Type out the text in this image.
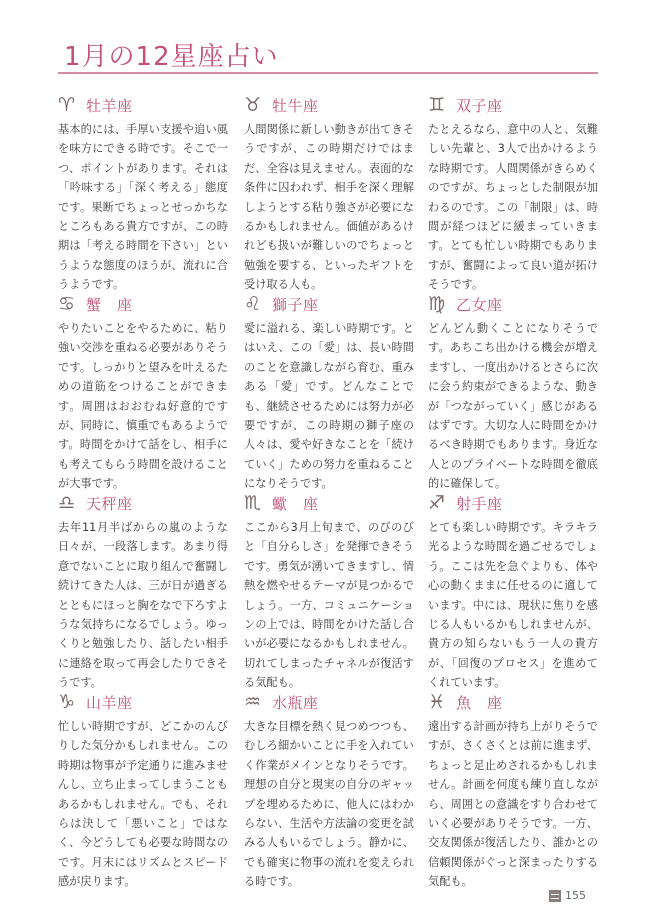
1月の12星座占い
♈ 牡羊座

基本的には、手厚い支援や追い風を味方にできる時です。そこで一つ、ポイントがあります。それは「吟味する」「深く考える」態度です。果断でちょっとせっかちなところもある貴方ですが、この時期は「考える時間を下さい」というような態度のほうが、流れに合うようです。

♉ 牡牛座

人間関係に新しい動きが出てきそうですが、この時期だけではまだ、全容は見えません。表面的な条件に囚われず、相手を深く理解しようとする粘り強さが必要になるかもしれません。価値があるけれども扱いが難しいのでちょっと勉強を要する、といったギフトを受け取る人も。

♊ 双子座

たとえるなら、意中の人と、気難しい先輩と、3人で出かけるような時期です。人間関係がきらめくのですが、ちょっとした制限が加わるのです。この「制限」は、時間が経つほどに緩まっていきます。とても忙しい時期でもありますが、奮闘によって良い道が拓けそうです。

♋ 蟹　座

やりたいことをやるために、粘り強い交渉を重ねる必要がありそうです。しっかりと望みを叶えるための道筋をつけることができます。周囲はおおむね好意的ですが、同時に、慎重でもあるようです。時間をかけて話をし、相手にも考えてもらう時間を設けることが大事です。

♌ 獅子座

愛に溢れる、楽しい時期です。とはいえ、この「愛」は、長い時間のことを意識しながら育む、重みある「愛」です。どんなことでも、継続させるためには努力が必要ですが、この時期の獅子座の人々は、愛や好きなことを「続けていく」ための努力を重ねることになりそうです。

♍ 乙女座

どんどん動くことになりそうです。あちこち出かける機会が増えますし、一度出かけるとさらに次に会う約束ができるような、動きが「つながっていく」感じがあるはずです。大切な人に時間をかけるべき時期でもあります。身近な人とのプライベートな時間を徹底的に確保して。

♎ 天秤座

去年11月半ばからの嵐のような日々が、一段落します。あまり得意でないことに取り組んで奮闘し続けてきた人は、三が日が過ぎるとともにほっと胸をなで下ろすような気持ちになるでしょう。ゆっくりと勉強したり、話したい相手に連絡を取って再会したりできそうです。

♏ 蠍　座

ここから3月上旬まで、のびのびと「自分らしさ」を発揮できそうです。勇気が湧いてきますし、情熱を燃やせるテーマが見つかるでしょう。一方、コミュニケーションの上では、時間をかけた話し合いが必要になるかもしれません。切れてしまったチャネルが復活する気配も。

♐ 射手座

とても楽しい時期です。キラキラ光るような時間を過ごせるでしょう。ここは先を急ぐよりも、体や心の動くままに任せるのに適しています。中には、現状に焦りを感じる人もいるかもしれませんが、貴方の知らないもう一人の貴方が、「回復のプロセス」を進めてくれています。

♑ 山羊座

忙しい時期ですが、どこかのんびりした気分かもしれません。この時期は物事が予定通りに進みませんし、立ち止まってしまうこともあるかもしれません。でも、それらは決して「悪いこと」ではなく、今どうしても必要な時間なのです。月末にはリズムとスピード感が戻ります。

♒ 水瓶座

大きな目標を熱く見つめつつも、むしろ細かいことに手を入れていく作業がメインとなりそうです。理想の自分と現実の自分のギャップを埋めるために、他人にはわからない、生活や方法論の変更を試みる人もいるでしょう。静かに、でも確実に物事の流れを変えられる時です。

♓ 魚　座

遠出する計画が持ち上がりそうですが、さくさくとは前に進まず、ちょっと足止めされるかもしれません。計画を何度も練り直しながら、周囲との意識をすり合わせていく必要がありそうです。一方、交友関係が復活したり、誰かとの信頼関係がぐっと深まったりする気配も。

155
